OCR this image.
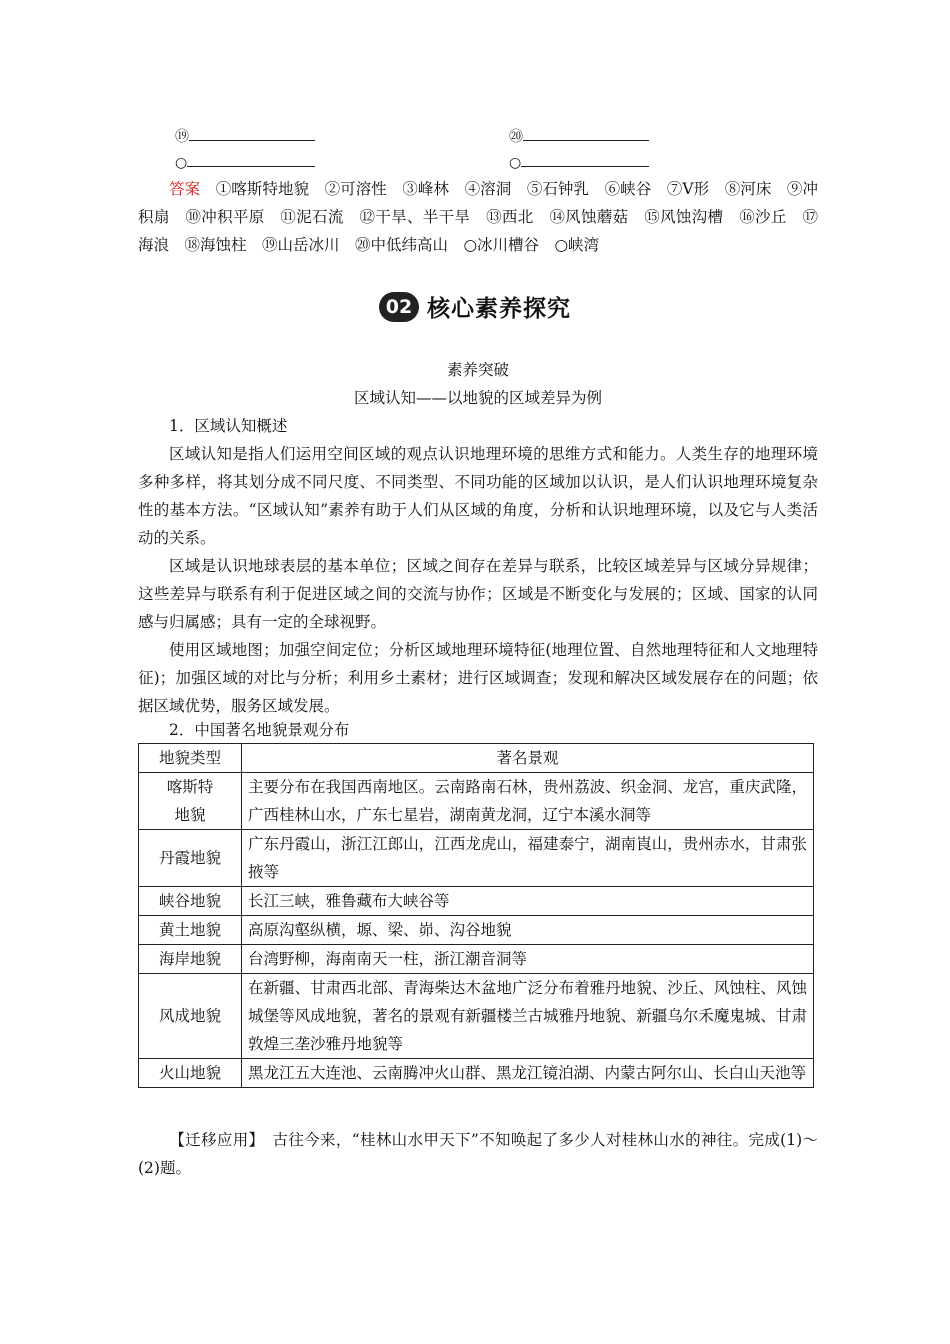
⑲	⑳
○	○
答案　 ①喀斯特地貌　②可溶性　③峰林　④溶洞　⑤石钟乳　⑥峡谷　⑦Ⅴ形　⑧河床　⑨冲积扇　⑩冲积平原　⑪泥石流　⑫干旱、半干旱　⑬西北　⑭风蚀蘑菇　⑮风蚀沟槽　⑯沙丘　⑰海浪　⑱海蚀柱　⑲山岳冰川　⑳中低纬高山　○冰川槽谷　○峡湾
02 核心素养探究
素养突破
区域认知——以地貌的区域差异为例
1．区域认知概述
区域认知是指人们运用空间区域的观点认识地理环境的思维方式和能力。人类生存的地理环境多种多样，将其划分成不同尺度、不同类型、不同功能的区域加以认识，是人们认识地理环境复杂性的基本方法。“区域认知”素养有助于人们从区域的角度，分析和认识地理环境，以及它与人类活动的关系。
区域是认识地球表层的基本单位；区域之间存在差异与联系，比较区域差异与区域分异规律；这些差异与联系有利于促进区域之间的交流与协作；区域是不断变化与发展的；区域、国家的认同感与归属感；具有一定的全球视野。
使用区域地图；加强空间定位；分析区域地理环境特征(地理位置、自然地理特征和人文地理特征)；加强区域的对比与分析；利用乡土素材；进行区域调查；发现和解决区域发展存在的问题；依据区域优势，服务区域发展。
2．中国著名地貌景观分布
地貌类型	著名景观

喀斯特地貌	主要分布在我国西南地区。云南路南石林，贵州荔波、织金洞、龙宫，重庆武隆，广西桂林山水，广东七星岩，湖南黄龙洞，辽宁本溪水洞等
丹霞地貌	广东丹霞山，浙江江郎山，江西龙虎山，福建泰宁，湖南崀山，贵州赤水，甘肃张掖等
峡谷地貌	长江三峡，雅鲁藏布大峡谷等
黄土地貌	高原沟壑纵横，塬、梁、峁、沟谷地貌
海岸地貌	台湾野柳，海南南天一柱，浙江潮音洞等
风成地貌	在新疆、甘肃西北部、青海柴达木盆地广泛分布着雅丹地貌、沙丘、风蚀柱、风蚀城堡等风成地貌，著名的景观有新疆楼兰古城雅丹地貌、新疆乌尔禾魔鬼城、甘肃敦煌三垄沙雅丹地貌等
火山地貌	黑龙江五大连池、云南腾冲火山群、黑龙江镜泊湖、内蒙古阿尔山、长白山天池等
【迁移应用】　古往今来，“桂林山水甲天下”不知唤起了多少人对桂林山水的神往。完成(1)～(2)题。
